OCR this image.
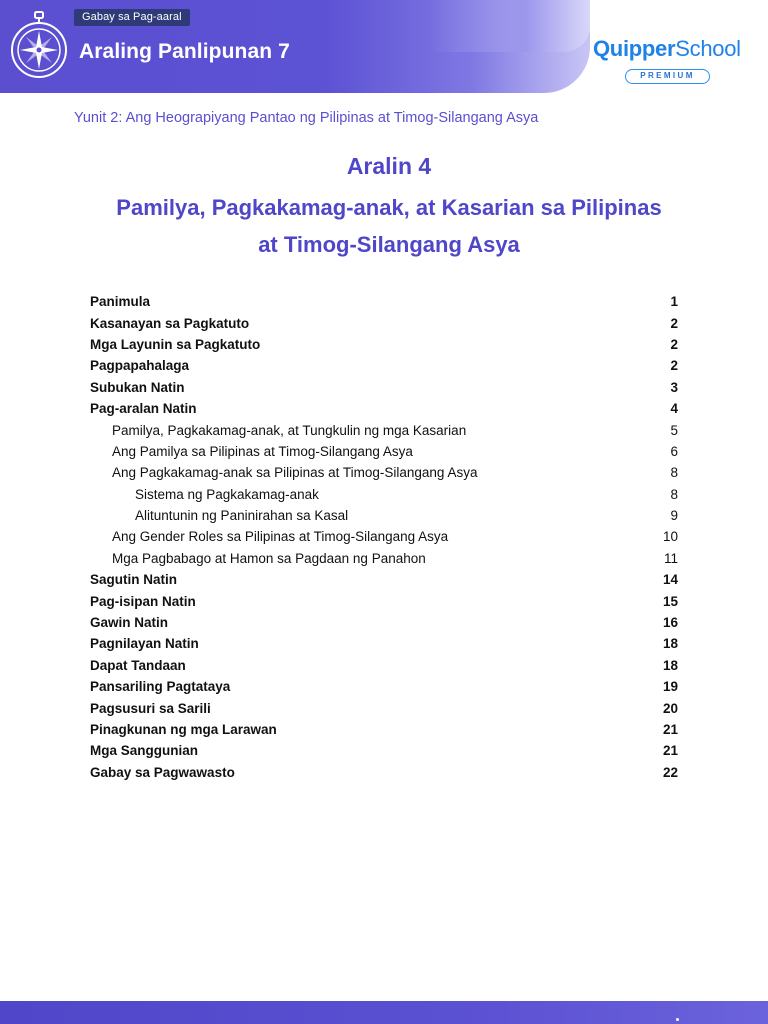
Gabay sa Pag-aaral
Araling Panlipunan 7	QuipperSchool
PREMIUM
Yunit 2: Ang Heograpiyang Pantao ng Pilipinas at Timog-Silangang Asya
Aralin 4
Pamilya, Pagkakamag-anak, at Kasarian sa Pilipinas
at Timog-Silangang Asya
Panimula	1
Kasanayan sa Pagkatuto	2
Mga Layunin sa Pagkatuto	2
Pagpapahalaga	2
Subukan Natin	3
Pag-aralan Natin	4
Pamilya, Pagkakamag-anak, at Tungkulin ng mga Kasarian	5
Ang Pamilya sa Pilipinas at Timog-Silangang Asya	6
Ang Pagkakamag-anak sa Pilipinas at Timog-Silangang Asya	8
Sistema ng Pagkakamag-anak	8
Alituntunin ng Paninirahan sa Kasal	9
Ang Gender Roles sa Pilipinas at Timog-Silangang Asya	10
Mga Pagbabago at Hamon sa Pagdaan ng Panahon	11
Sagutin Natin	14
Pag-isipan Natin	15
Gawin Natin	16
Pagnilayan Natin	18
Dapat Tandaan	18
Pansariling Pagtataya	19
Pagsusuri sa Sarili	20
Pinagkunan ng mga Larawan	21
Mga Sanggunian	21
Gabay sa Pagwawasto	22
